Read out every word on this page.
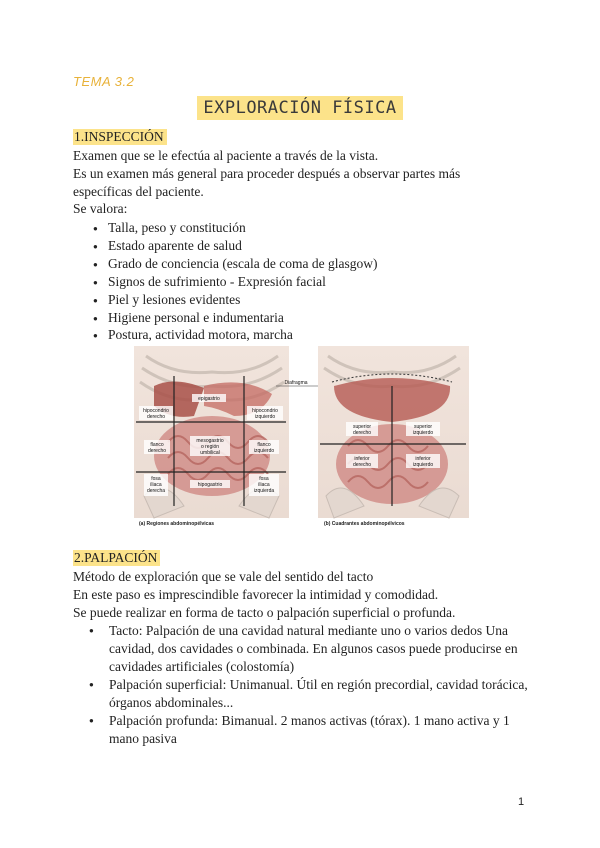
TEMA 3.2
EXPLORACIÓN FÍSICA
1.INSPECCIÓN
Examen que se le efectúa al paciente a través de la vista.
Es un examen más general para proceder después a observar partes más
específicas del paciente.
Se valora:
Talla, peso y constitución
Estado aparente de salud
Grado de conciencia (escala de coma de glasgow)
Signos de sufrimiento - Expresión facial
Piel y lesiones evidentes
Higiene personal e indumentaria
Postura, actividad motora, marcha
hipocondrio
derecho
epigastrio
hipocondrio
izquierdo
flanco
derecho
mesogastrio
o región
umbilical
flanco
izquierdo
fosa
iliaca
derecha
hipogastrio
fosa
iliaca
izquierda
(a) Regiones abdominopélvicas
Diafragma
superior
derecho
superior
izquierdo
inferior
derecho
inferior
izquierdo
(b) Cuadrantes abdominopélvicos
2.PALPACIÓN
Método de exploración que se vale del sentido del tacto
En este paso es imprescindible favorecer la intimidad y comodidad.
Se puede realizar en forma de tacto o palpación superficial o profunda.
● Tacto: Palpación de una cavidad natural mediante uno o varios dedos Una cavidad, dos cavidades o combinada. En algunos casos puede producirse en cavidades artificiales (colostomía)
● Palpación superficial: Unimanual. Útil en región precordial, cavidad torácica, órganos abdominales...
● Palpación profunda: Bimanual. 2 manos activas (tórax). 1 mano activa y 1 mano pasiva
1
